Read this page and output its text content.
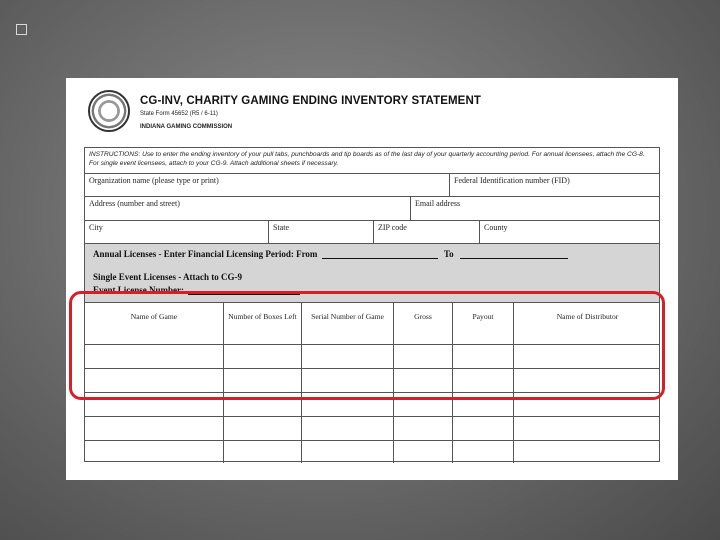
CG-INV, CHARITY GAMING ENDING INVENTORY STATEMENT
State Form 45652 (R5 / 6-11)
INDIANA GAMING COMMISSION
INSTRUCTIONS: Use to enter the ending inventory of your pull tabs, punchboards and tip boards as of the last day of your quarterly accounting period. For annual licensees, attach the CG-8. For single event licensees, attach to your CG-9. Attach additional sheets if necessary.
Organization name (please type or print)	Federal Identification number (FID)
Address (number and street)	Email address
City	State	ZIP code	County
Annual Licenses - Enter Financial Licensing Period: From	To
Single Event Licenses - Attach to CG-9
Event License Number:
Name of Game	Number of Boxes Left	Serial Number of Game	Gross	Payout	Name of Distributor
